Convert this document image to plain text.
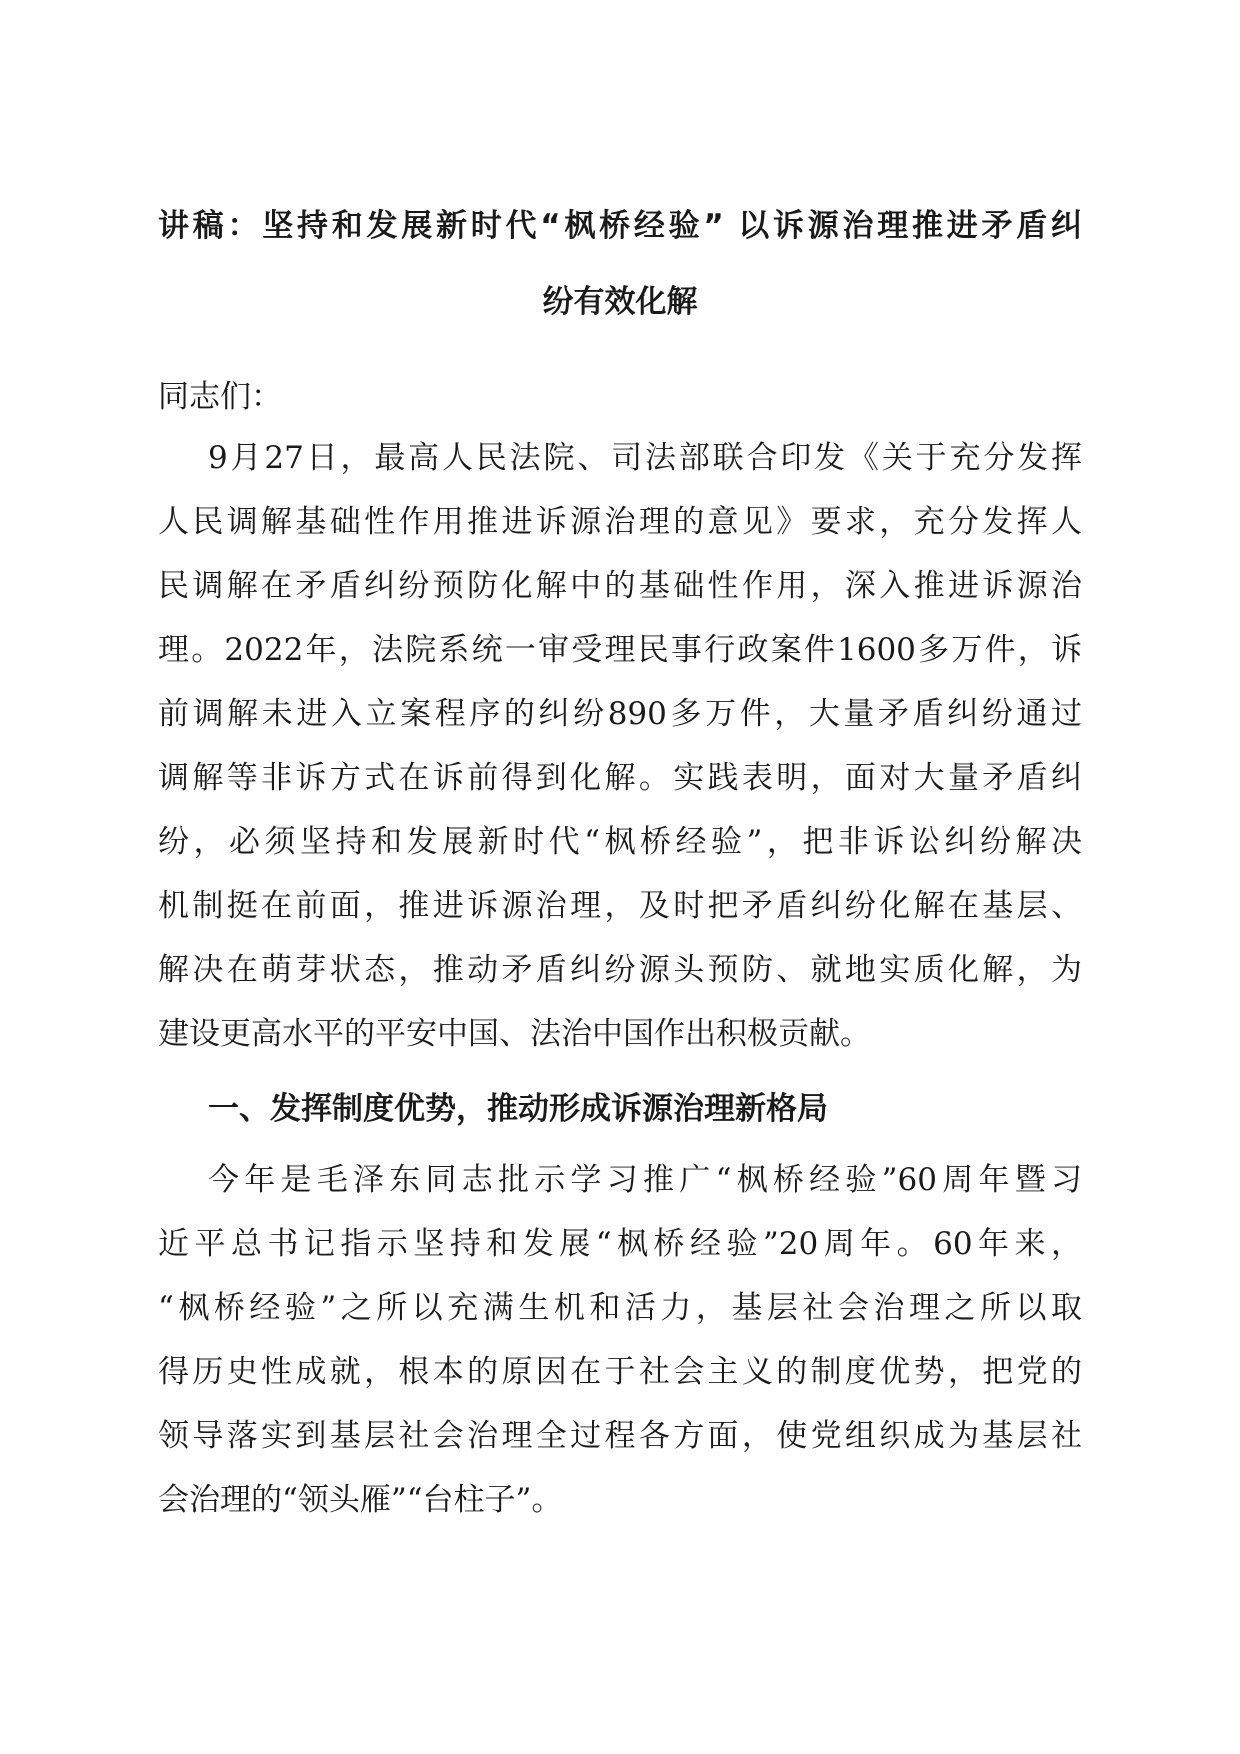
讲稿：坚持和发展新时代“枫桥经验” 以诉源治理推进矛盾纠
纷有效化解
同志们：
9月27日，最高人民法院、司法部联合印发《关于充分发挥
人民调解基础性作用推进诉源治理的意见》要求，充分发挥人
民调解在矛盾纠纷预防化解中的基础性作用，深入推进诉源治
理。2022年，法院系统一审受理民事行政案件1600多万件，诉
前调解未进入立案程序的纠纷890多万件，大量矛盾纠纷通过
调解等非诉方式在诉前得到化解。实践表明，面对大量矛盾纠
纷，必须坚持和发展新时代“枫桥经验”，把非诉讼纠纷解决
机制挺在前面，推进诉源治理，及时把矛盾纠纷化解在基层、
解决在萌芽状态，推动矛盾纠纷源头预防、就地实质化解，为
建设更高水平的平安中国、法治中国作出积极贡献。
一、发挥制度优势，推动形成诉源治理新格局
今年是毛泽东同志批示学习推广“枫桥经验”60周年暨习
近平总书记指示坚持和发展“枫桥经验”20周年。60年来，
“枫桥经验”之所以充满生机和活力，基层社会治理之所以取
得历史性成就，根本的原因在于社会主义的制度优势，把党的
领导落实到基层社会治理全过程各方面，使党组织成为基层社
会治理的“领头雁”“台柱子”。
